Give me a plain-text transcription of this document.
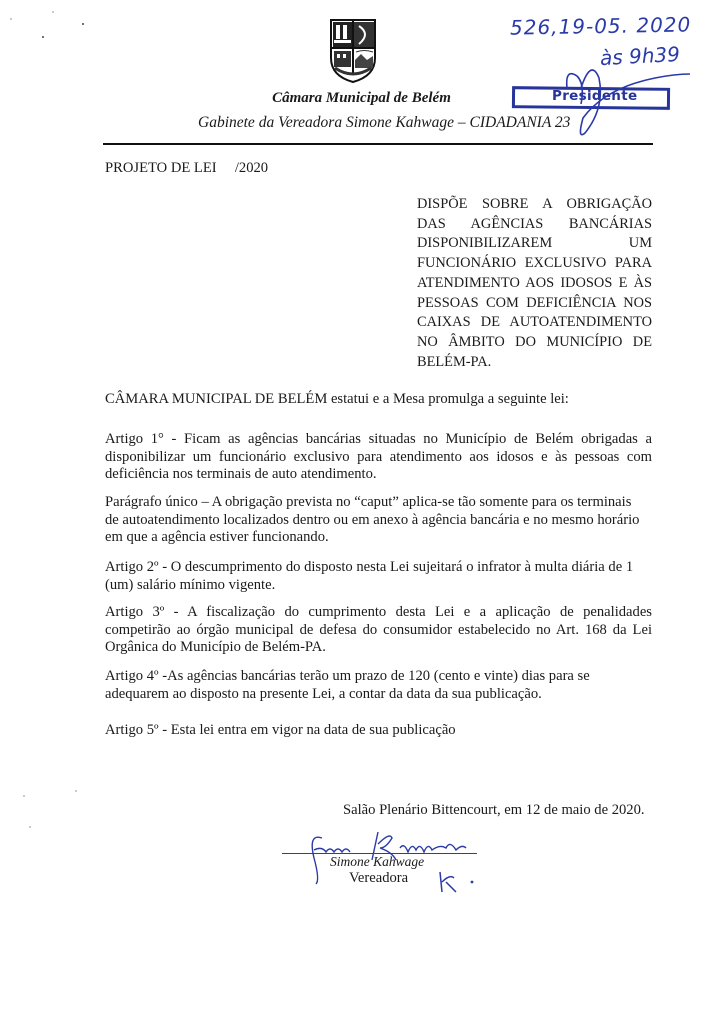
Câmara Municipal de Belém
Gabinete da Vereadora Simone Kahwage – CIDADANIA 23
526,19-05. 2020
às 9h39
Presidente
PROJETO DE LEI     /2020
DISPÕE SOBRE A OBRIGAÇÃO
DAS AGÊNCIAS BANCÁRIAS
DISPONIBILIZAREM UM
FUNCIONÁRIO EXCLUSIVO PARA
ATENDIMENTO AOS IDOSOS E ÀS
PESSOAS COM DEFICIÊNCIA NOS
CAIXAS DE AUTOATENDIMENTO
NO ÂMBITO DO MUNICÍPIO DE
BELÉM-PA.
CÂMARA MUNICIPAL DE BELÉM estatui e a Mesa promulga a seguinte lei:
Artigo 1° - Ficam as agências bancárias situadas no Município de Belém obrigadas a
disponibilizar um funcionário exclusivo para atendimento aos idosos e às pessoas com
deficiência nos terminais de auto atendimento.
Parágrafo único – A obrigação prevista no “caput” aplica-se tão somente para os terminais
de autoatendimento localizados dentro ou em anexo à agência bancária e no mesmo horário
em que a agência estiver funcionando.
Artigo 2º - O descumprimento do disposto nesta Lei sujeitará o infrator à multa diária de 1
(um) salário mínimo vigente.
Artigo 3º - A fiscalização do cumprimento desta Lei e a aplicação de penalidades
competirão ao órgão municipal de defesa do consumidor estabelecido no Art. 168 da Lei
Orgânica do Município de Belém-PA.
Artigo 4º -As agências bancárias terão um prazo de 120 (cento e vinte) dias para se
adequarem ao disposto na presente Lei, a contar da data da sua publicação.
Artigo 5º - Esta lei entra em vigor na data de sua publicação
Salão Plenário Bittencourt, em 12 de maio de 2020.
Simone Kahwage
Vereadora
